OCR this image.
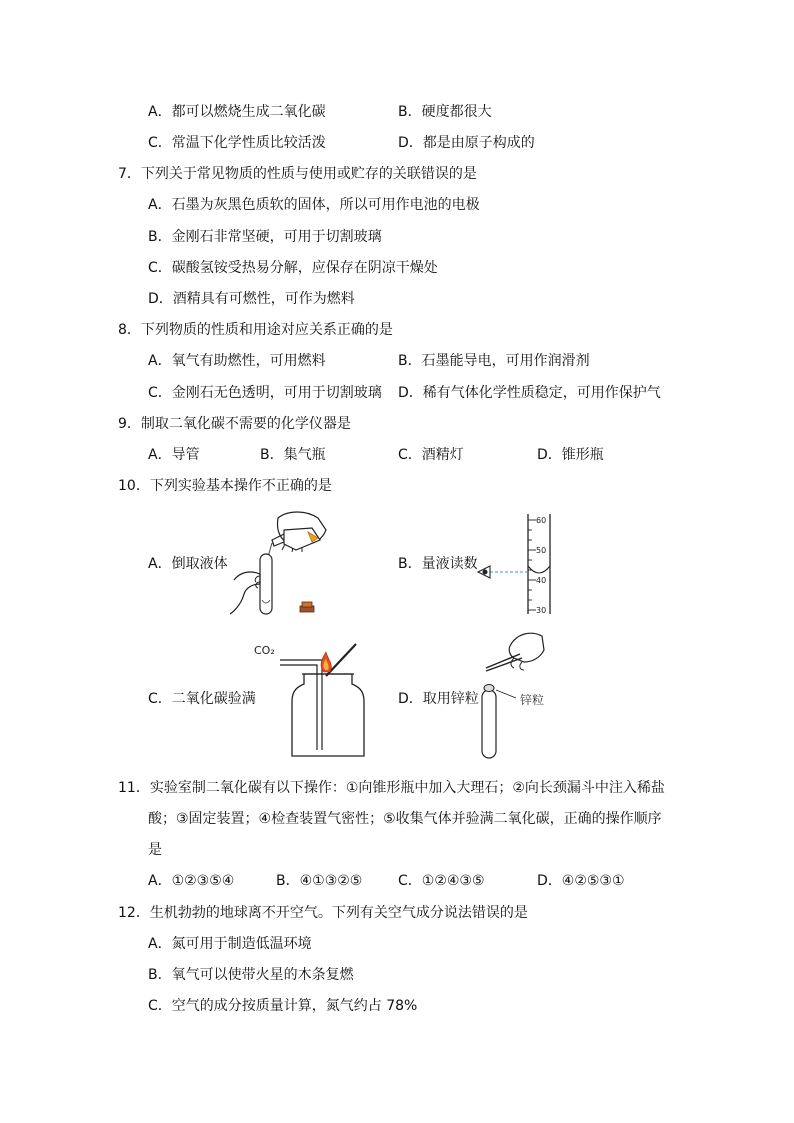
A．都可以燃烧生成二氧化碳	B．硬度都很大
C．常温下化学性质比较活泼	D．都是由原子构成的
7．下列关于常见物质的性质与使用或贮存的关联错误的是
A．石墨为灰黑色质软的固体，所以可用作电池的电极
B．金刚石非常坚硬，可用于切割玻璃
C．碳酸氢铵受热易分解，应保存在阴凉干燥处
D．酒精具有可燃性，可作为燃料
8．下列物质的性质和用途对应关系正确的是
A．氧气有助燃性，可用燃料	B．石墨能导电，可用作润滑剂
C．金刚石无色透明，可用于切割玻璃 D．稀有气体化学性质稳定，可用作保护气
9．制取二氧化碳不需要的化学仪器是
A．导管	B．集气瓶	C．酒精灯	D．锥形瓶
10．下列实验基本操作不正确的是
A．倒取液体	B．量液读数
C．二氧化碳验满	D．取用锌粒
60
50
40
30
CO₂
锌粒
11．实验室制二氧化碳有以下操作：①向锥形瓶中加入大理石；②向长颈漏斗中注入稀盐
酸；③固定装置；④检查装置气密性；⑤收集气体并验满二氧化碳，正确的操作顺序
是
A．①②③⑤④	B．④①③②⑤	C．①②④③⑤	D．④②⑤③①
12．生机勃勃的地球离不开空气。下列有关空气成分说法错误的是
A．氮可用于制造低温环境
B．氧气可以使带火星的木条复燃
C．空气的成分按质量计算，氮气约占 78%
